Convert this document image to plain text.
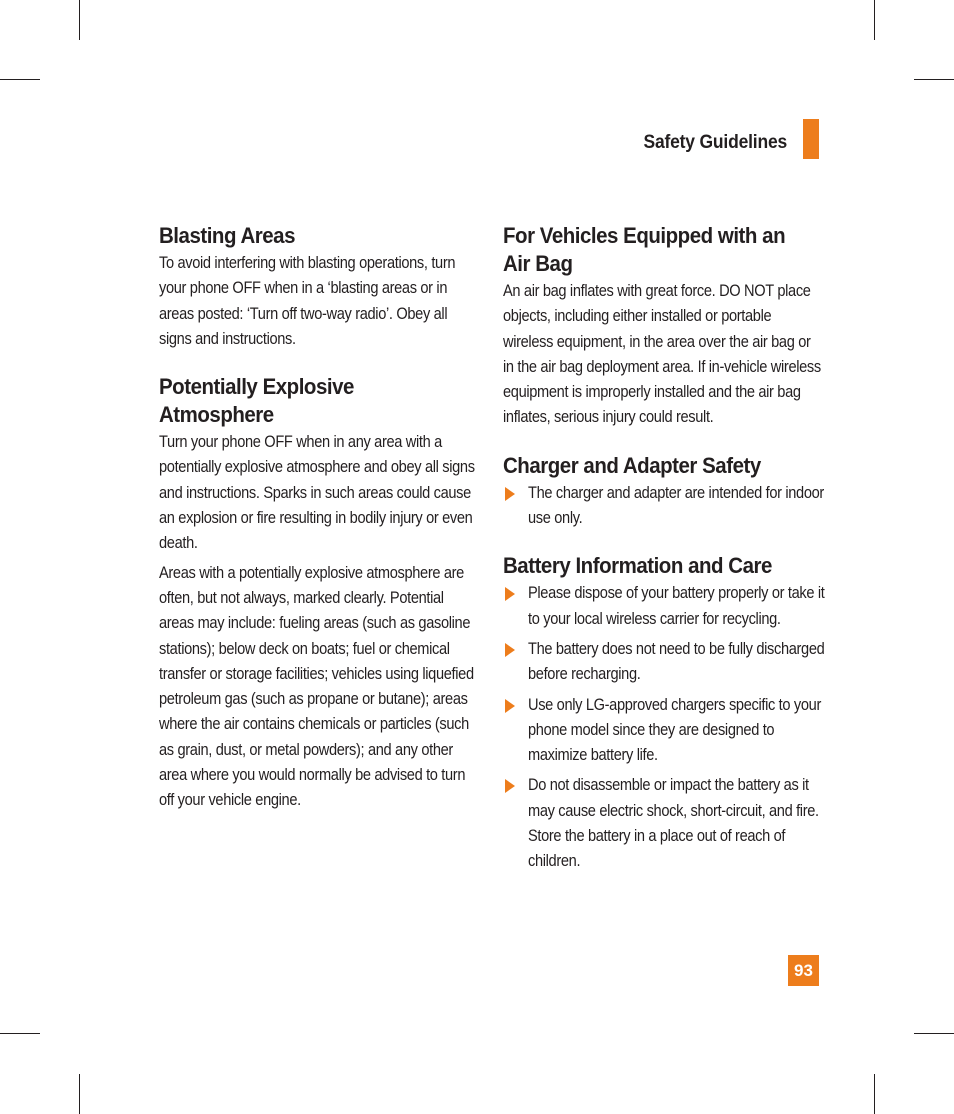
Safety Guidelines
Blasting Areas

To avoid interfering with blasting operations, turn your phone OFF when in a ‘blasting areas or in areas posted: ‘Turn off two-way radio’. Obey all signs and instructions.

Potentially Explosive Atmosphere

Turn your phone OFF when in any area with a potentially explosive atmosphere and obey all signs and instructions. Sparks in such areas could cause an explosion or fire resulting in bodily injury or even death.

Areas with a potentially explosive atmosphere are often, but not always, marked clearly. Potential areas may include: fueling areas (such as gasoline stations); below deck on boats; fuel or chemical transfer or storage facilities; vehicles using liquefied petroleum gas (such as propane or butane); areas where the air contains chemicals or particles (such as grain, dust, or metal powders); and any other area where you would normally be advised to turn off your vehicle engine.

For Vehicles Equipped with an Air Bag

An air bag inflates with great force. DO NOT place objects, including either installed or portable wireless equipment, in the area over the air bag or in the air bag deployment area. If in-vehicle wireless equipment is improperly installed and the air bag inflates, serious injury could result.

Charger and Adapter Safety

The charger and adapter are intended for indoor use only.

Battery Information and Care

Please dispose of your battery properly or take it to your local wireless carrier for recycling.

The battery does not need to be fully discharged before recharging.

Use only LG-approved chargers specific to your phone model since they are designed to maximize battery life.

Do not disassemble or impact the battery as it may cause electric shock, short-circuit, and fire. Store the battery in a place out of reach of children.

93
